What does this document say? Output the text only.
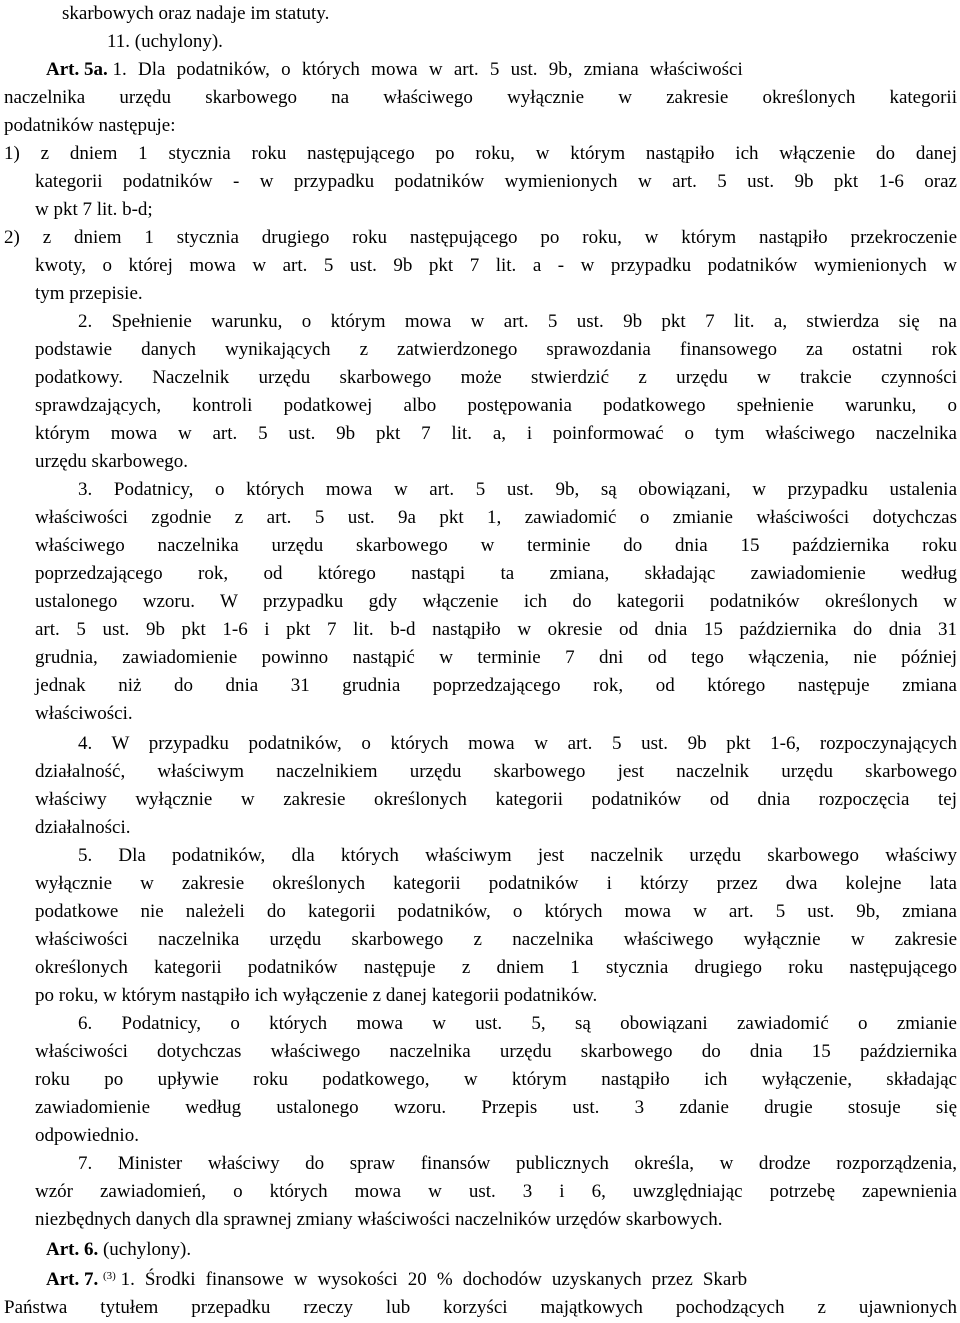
skarbowych oraz nadaje im statuty.
11. (uchylony).
Art. 5a. 1. Dla podatników, o których mowa w art. 5 ust. 9b, zmiana właściwości
naczelnika urzędu skarbowego na właściwego wyłącznie w zakresie określonych kategorii
podatników następuje:
1) z dniem 1 stycznia roku następującego po roku, w którym nastąpiło ich włączenie do danej
kategorii podatników - w przypadku podatników wymienionych w art. 5 ust. 9b pkt 1-6 oraz
w pkt 7 lit. b-d;
2) z dniem 1 stycznia drugiego roku następującego po roku, w którym nastąpiło przekroczenie
kwoty, o której mowa w art. 5 ust. 9b pkt 7 lit. a - w przypadku podatników wymienionych w
tym przepisie.
2. Spełnienie warunku, o którym mowa w art. 5 ust. 9b pkt 7 lit. a, stwierdza się na
podstawie danych wynikających z zatwierdzonego sprawozdania finansowego za ostatni rok
podatkowy. Naczelnik urzędu skarbowego może stwierdzić z urzędu w trakcie czynności
sprawdzających, kontroli podatkowej albo postępowania podatkowego spełnienie warunku, o
którym mowa w art. 5 ust. 9b pkt 7 lit. a, i poinformować o tym właściwego naczelnika
urzędu skarbowego.
3. Podatnicy, o których mowa w art. 5 ust. 9b, są obowiązani, w przypadku ustalenia
właściwości zgodnie z art. 5 ust. 9a pkt 1, zawiadomić o zmianie właściwości dotychczas
właściwego naczelnika urzędu skarbowego w terminie do dnia 15 października roku
poprzedzającego rok, od którego nastąpi ta zmiana, składając zawiadomienie według
ustalonego wzoru. W przypadku gdy włączenie ich do kategorii podatników określonych w
art. 5 ust. 9b pkt 1-6 i pkt 7 lit. b-d nastąpiło w okresie od dnia 15 października do dnia 31
grudnia, zawiadomienie powinno nastąpić w terminie 7 dni od tego włączenia, nie później
jednak niż do dnia 31 grudnia poprzedzającego rok, od którego następuje zmiana
właściwości.
4. W przypadku podatników, o których mowa w art. 5 ust. 9b pkt 1-6, rozpoczynających
działalność, właściwym naczelnikiem urzędu skarbowego jest naczelnik urzędu skarbowego
właściwy wyłącznie w zakresie określonych kategorii podatników od dnia rozpoczęcia tej
działalności.
5. Dla podatników, dla których właściwym jest naczelnik urzędu skarbowego właściwy
wyłącznie w zakresie określonych kategorii podatników i którzy przez dwa kolejne lata
podatkowe nie należeli do kategorii podatników, o których mowa w art. 5 ust. 9b, zmiana
właściwości naczelnika urzędu skarbowego z naczelnika właściwego wyłącznie w zakresie
określonych kategorii podatników następuje z dniem 1 stycznia drugiego roku następującego
po roku, w którym nastąpiło ich wyłączenie z danej kategorii podatników.
6. Podatnicy, o których mowa w ust. 5, są obowiązani zawiadomić o zmianie
właściwości dotychczas właściwego naczelnika urzędu skarbowego do dnia 15 października
roku po upływie roku podatkowego, w którym nastąpiło ich wyłączenie, składając
zawiadomienie według ustalonego wzoru. Przepis ust. 3 zdanie drugie stosuje się
odpowiednio.
7. Minister właściwy do spraw finansów publicznych określa, w drodze rozporządzenia,
wzór zawiadomień, o których mowa w ust. 3 i 6, uwzględniając potrzebę zapewnienia
niezbędnych danych dla sprawnej zmiany właściwości naczelników urzędów skarbowych.
Art. 6. (uchylony).
Art. 7. $^{(3)}$ 1. Środki finansowe w wysokości 20 % dochodów uzyskanych przez Skarb
Państwa tytułem przepadku rzeczy lub korzyści majątkowych pochodzących z ujawnionych
